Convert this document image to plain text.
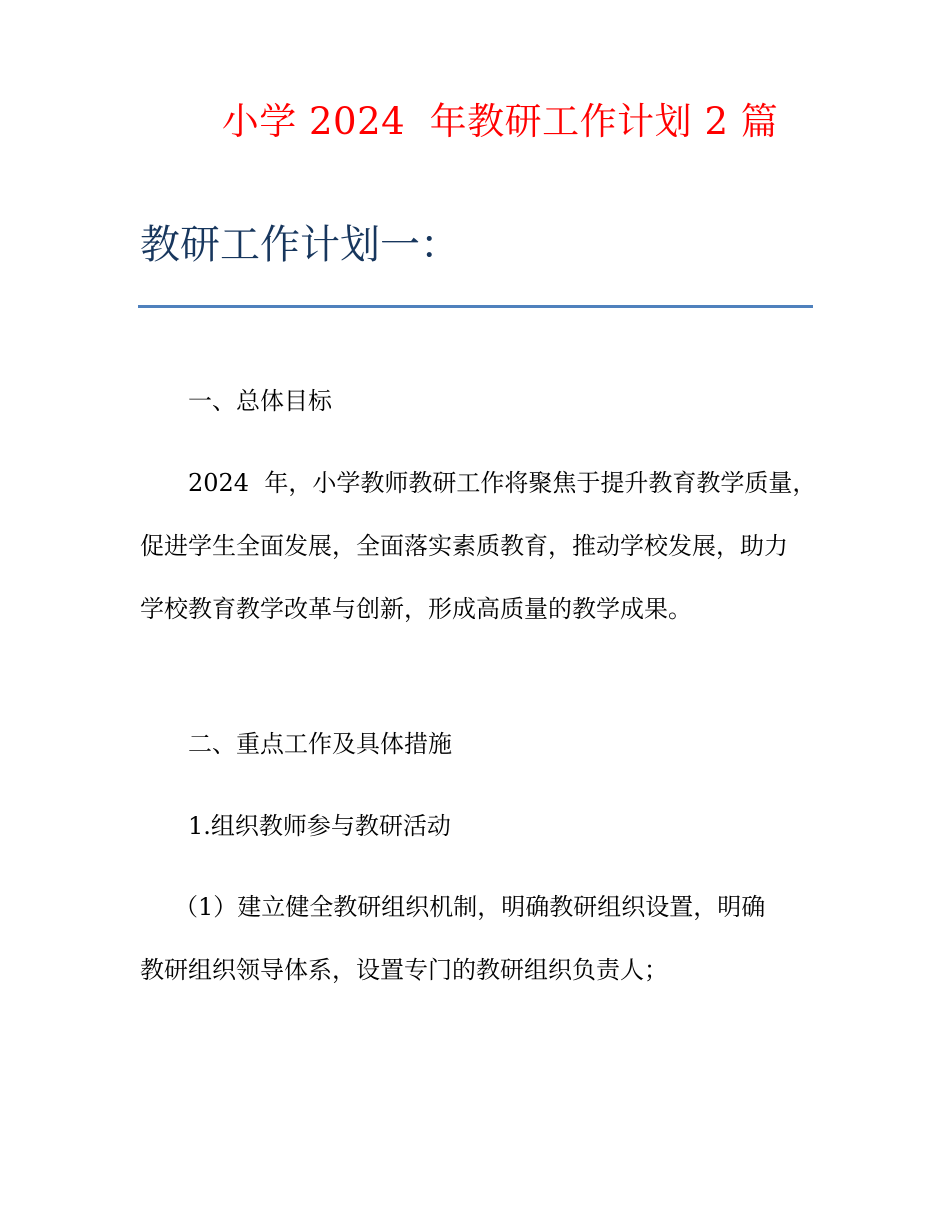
小学 2024  年教研工作计划 2 篇
教研工作计划一：
一、总体目标
2024  年，小学教师教研工作将聚焦于提升教育教学质量，
促进学生全面发展，全面落实素质教育，推动学校发展，助力
学校教育教学改革与创新，形成高质量的教学成果。
二、重点工作及具体措施
1.组织教师参与教研活动
（1）建立健全教研组织机制，明确教研组织设置，明确
教研组织领导体系，设置专门的教研组织负责人；
